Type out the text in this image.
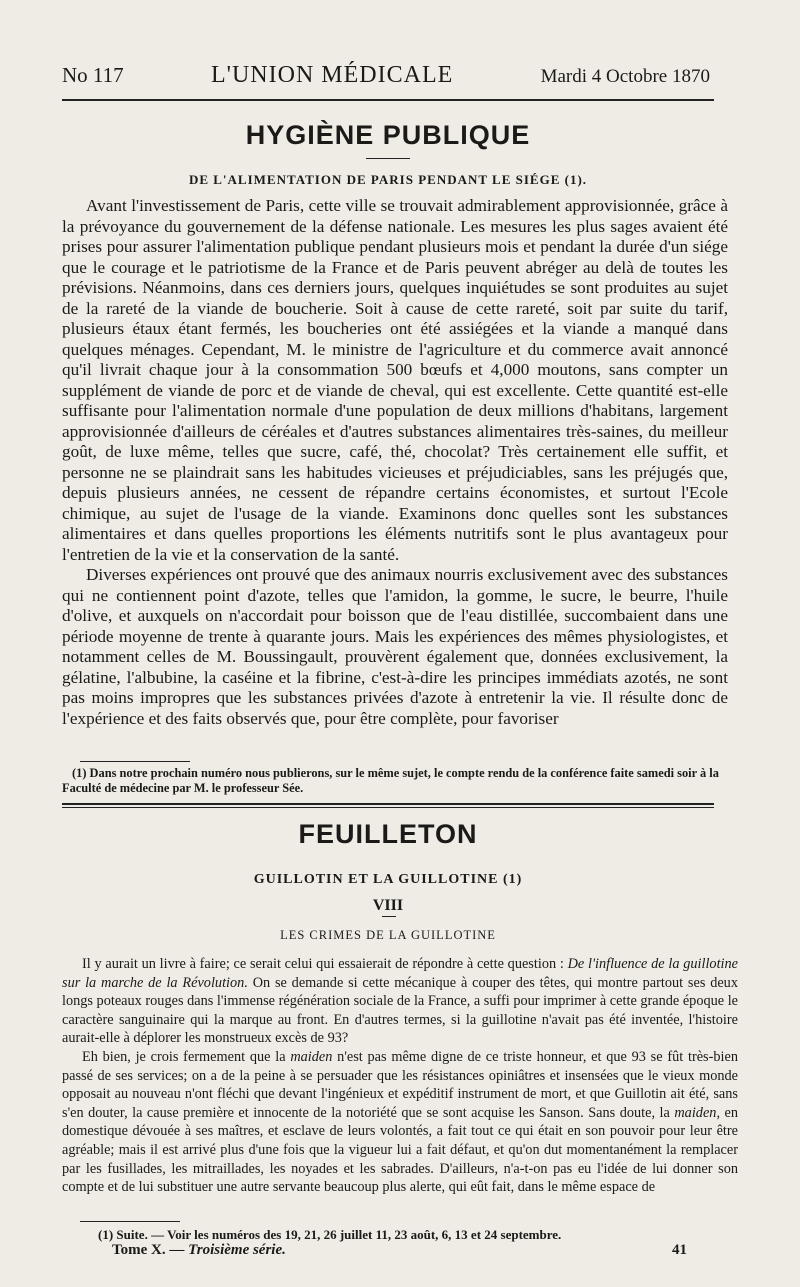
No 117	L'UNION MÉDICALE	Mardi 4 Octobre 1870
HYGIÈNE PUBLIQUE
DE L'ALIMENTATION DE PARIS PENDANT LE SIÉGE (1).

Avant l'investissement de Paris, cette ville se trouvait admirablement approvisionnée, grâce à la prévoyance du gouvernement de la défense nationale. Les mesures les plus sages avaient été prises pour assurer l'alimentation publique pendant plusieurs mois et pendant la durée d'un siége que le courage et le patriotisme de la France et de Paris peuvent abréger au delà de toutes les prévisions. Néanmoins, dans ces derniers jours, quelques inquiétudes se sont produites au sujet de la rareté de la viande de boucherie. Soit à cause de cette rareté, soit par suite du tarif, plusieurs étaux étant fermés, les boucheries ont été assiégées et la viande a manqué dans quelques ménages. Cependant, M. le ministre de l'agriculture et du commerce avait annoncé qu'il livrait chaque jour à la consommation 500 bœufs et 4,000 moutons, sans compter un supplément de viande de porc et de viande de cheval, qui est excellente. Cette quantité est-elle suffisante pour l'alimentation normale d'une population de deux millions d'habitans, largement approvisionnée d'ailleurs de céréales et d'autres substances alimentaires très-saines, du meilleur goût, de luxe même, telles que sucre, café, thé, chocolat? Très certainement elle suffit, et personne ne se plaindrait sans les habitudes vicieuses et préjudiciables, sans les préjugés que, depuis plusieurs années, ne cessent de répandre certains économistes, et surtout l'Ecole chimique, au sujet de l'usage de la viande. Examinons donc quelles sont les substances alimentaires et dans quelles proportions les éléments nutritifs sont le plus avantageux pour l'entretien de la vie et la conservation de la santé.

Diverses expériences ont prouvé que des animaux nourris exclusivement avec des substances qui ne contiennent point d'azote, telles que l'amidon, la gomme, le sucre, le beurre, l'huile d'olive, et auxquels on n'accordait pour boisson que de l'eau distillée, succombaient dans une période moyenne de trente à quarante jours. Mais les expériences des mêmes physiologistes, et notamment celles de M. Boussingault, prouvèrent également que, données exclusivement, la gélatine, l'albubine, la caséine et la fibrine, c'est-à-dire les principes immédiats azotés, ne sont pas moins impropres que les substances privées d'azote à entretenir la vie. Il résulte donc de l'expérience et des faits observés que, pour être complète, pour favoriser

(1) Dans notre prochain numéro nous publierons, sur le même sujet, le compte rendu de la conférence faite samedi soir à la Faculté de médecine par M. le professeur Sée.

FEUILLETON
GUILLOTIN ET LA GUILLOTINE (1)
VIII
LES CRIMES DE LA GUILLOTINE

Il y aurait un livre à faire; ce serait celui qui essaierait de répondre à cette question : De l'influence de la guillotine sur la marche de la Révolution. On se demande si cette mécanique à couper des têtes, qui montre partout ses deux longs poteaux rouges dans l'immense régénération sociale de la France, a suffi pour imprimer à cette grande époque le caractère sanguinaire qui la marque au front. En d'autres termes, si la guillotine n'avait pas été inventée, l'histoire aurait-elle à déplorer les monstrueux excès de 93?

Eh bien, je crois fermement que la maiden n'est pas même digne de ce triste honneur, et que 93 se fût très-bien passé de ses services; on a de la peine à se persuader que les résistances opiniâtres et insensées que le vieux monde opposait au nouveau n'ont fléchi que devant l'ingénieux et expéditif instrument de mort, et que Guillotin ait été, sans s'en douter, la cause première et innocente de la notoriété que se sont acquise les Sanson. Sans doute, la maiden, en domestique dévouée à ses maîtres, et esclave de leurs volontés, a fait tout ce qui était en son pouvoir pour leur être agréable; mais il est arrivé plus d'une fois que la vigueur lui a fait défaut, et qu'on dut momentanément la remplacer par les fusillades, les mitraillades, les noyades et les sabrades. D'ailleurs, n'a-t-on pas eu l'idée de lui donner son compte et de lui substituer une autre servante beaucoup plus alerte, qui eût fait, dans le même espace de

(1) Suite. — Voir les numéros des 19, 21, 26 juillet 11, 23 août, 6, 13 et 24 septembre.

Tome X. — Troisième série.	41
